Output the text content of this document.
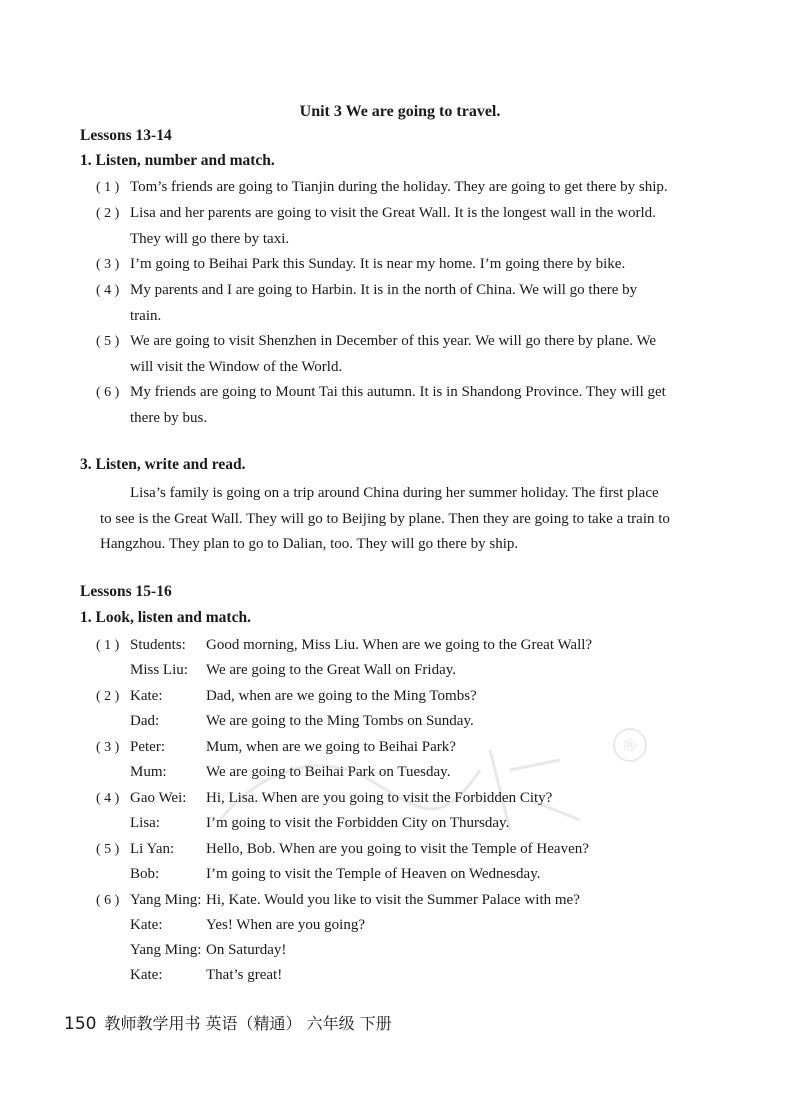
Unit 3 We are going to travel.
Lessons 13-14
1. Listen, number and match.
( 1 ) Tom’s friends are going to Tianjin during the holiday. They are going to get there by ship.
( 2 ) Lisa and her parents are going to visit the Great Wall. It is the longest wall in the world.
They will go there by taxi.
( 3 ) I’m going to Beihai Park this Sunday. It is near my home. I’m going there by bike.
( 4 ) My parents and I are going to Harbin. It is in the north of China. We will go there by
train.
( 5 ) We are going to visit Shenzhen in December of this year. We will go there by plane. We
will visit the Window of the World.
( 6 ) My friends are going to Mount Tai this autumn. It is in Shandong Province. They will get
there by bus.
3. Listen, write and read.
Lisa’s family is going on a trip around China during her summer holiday. The first place
to see is the Great Wall. They will go to Beijing by plane. Then they are going to take a train to
Hangzhou. They plan to go to Dalian, too. They will go there by ship.
Lessons 15-16
1. Look, listen and match.
( 1 ) Students: Good morning, Miss Liu. When are we going to the Great Wall?
Miss Liu: We are going to the Great Wall on Friday.
( 2 ) Kate:	Dad, when are we going to the Ming Tombs?
Dad:	We are going to the Ming Tombs on Sunday.
( 3 ) Peter:	Mum, when are we going to Beihai Park?
Mum:	We are going to Beihai Park on Tuesday.
( 4 ) Gao Wei: Hi, Lisa. When are you going to visit the Forbidden City?
Lisa:	I’m going to visit the Forbidden City on Thursday.
( 5 ) Li Yan: Hello, Bob. When are you going to visit the Temple of Heaven?
Bob:	I’m going to visit the Temple of Heaven on Wednesday.
( 6 ) Yang Ming: Hi, Kate. Would you like to visit the Summer Palace with me?
Kate:	Yes! When are you going?
Yang Ming: On Saturday!
Kate:	That’s great!
®
150 教师教学用书 英语（精通） 六年级 下册
